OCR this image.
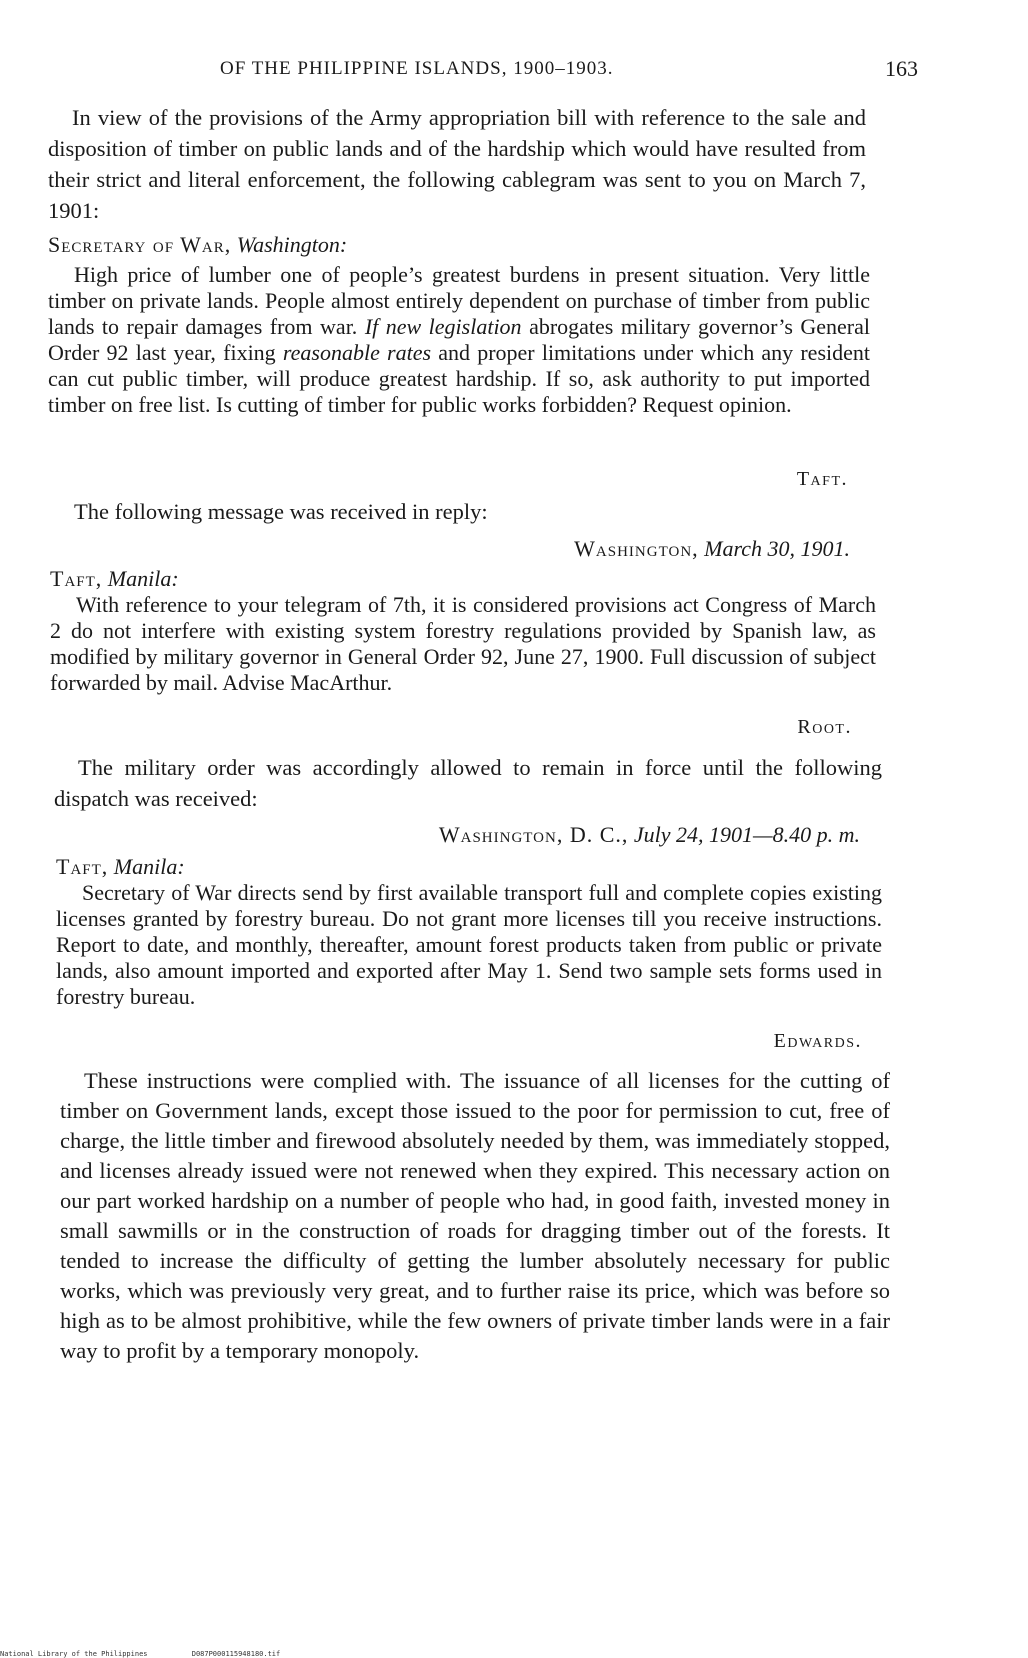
OF THE PHILIPPINE ISLANDS, 1900–1903.	163
In view of the provisions of the Army appropriation bill with reference to the sale and disposition of timber on public lands and of the hardship which would have resulted from their strict and literal enforcement, the following cablegram was sent to you on March 7, 1901:
Secretary of War, Washington:
High price of lumber one of people’s greatest burdens in present situation. Very little timber on private lands. People almost entirely dependent on purchase of timber from public lands to repair damages from war. If new legislation abrogates military governor’s General Order 92 last year, fixing reasonable rates and proper limitations under which any resident can cut public timber, will produce greatest hardship. If so, ask authority to put imported timber on free list. Is cutting of timber for public works forbidden? Request opinion.
Taft.
The following message was received in reply:
Washington, March 30, 1901.
Taft, Manila:
With reference to your telegram of 7th, it is considered provisions act Congress of March 2 do not interfere with existing system forestry regulations provided by Spanish law, as modified by military governor in General Order 92, June 27, 1900. Full discussion of subject forwarded by mail. Advise MacArthur.
Root.
The military order was accordingly allowed to remain in force until the following dispatch was received:
Washington, D. C., July 24, 1901—8.40 p. m.
Taft, Manila:
Secretary of War directs send by first available transport full and complete copies existing licenses granted by forestry bureau. Do not grant more licenses till you receive instructions. Report to date, and monthly, thereafter, amount forest products taken from public or private lands, also amount imported and exported after May 1. Send two sample sets forms used in forestry bureau.
Edwards.
These instructions were complied with. The issuance of all licenses for the cutting of timber on Government lands, except those issued to the poor for permission to cut, free of charge, the little timber and firewood absolutely needed by them, was immediately stopped, and licenses already issued were not renewed when they expired. This necessary action on our part worked hardship on a number of people who had, in good faith, invested money in small sawmills or in the construction of roads for dragging timber out of the forests. It tended to increase the difficulty of getting the lumber absolutely necessary for public works, which was previously very great, and to further raise its price, which was before so high as to be almost prohibitive, while the few owners of private timber lands were in a fair way to profit by a temporary monopoly.
National Library of the Philippines	D087P000115948180.tif
